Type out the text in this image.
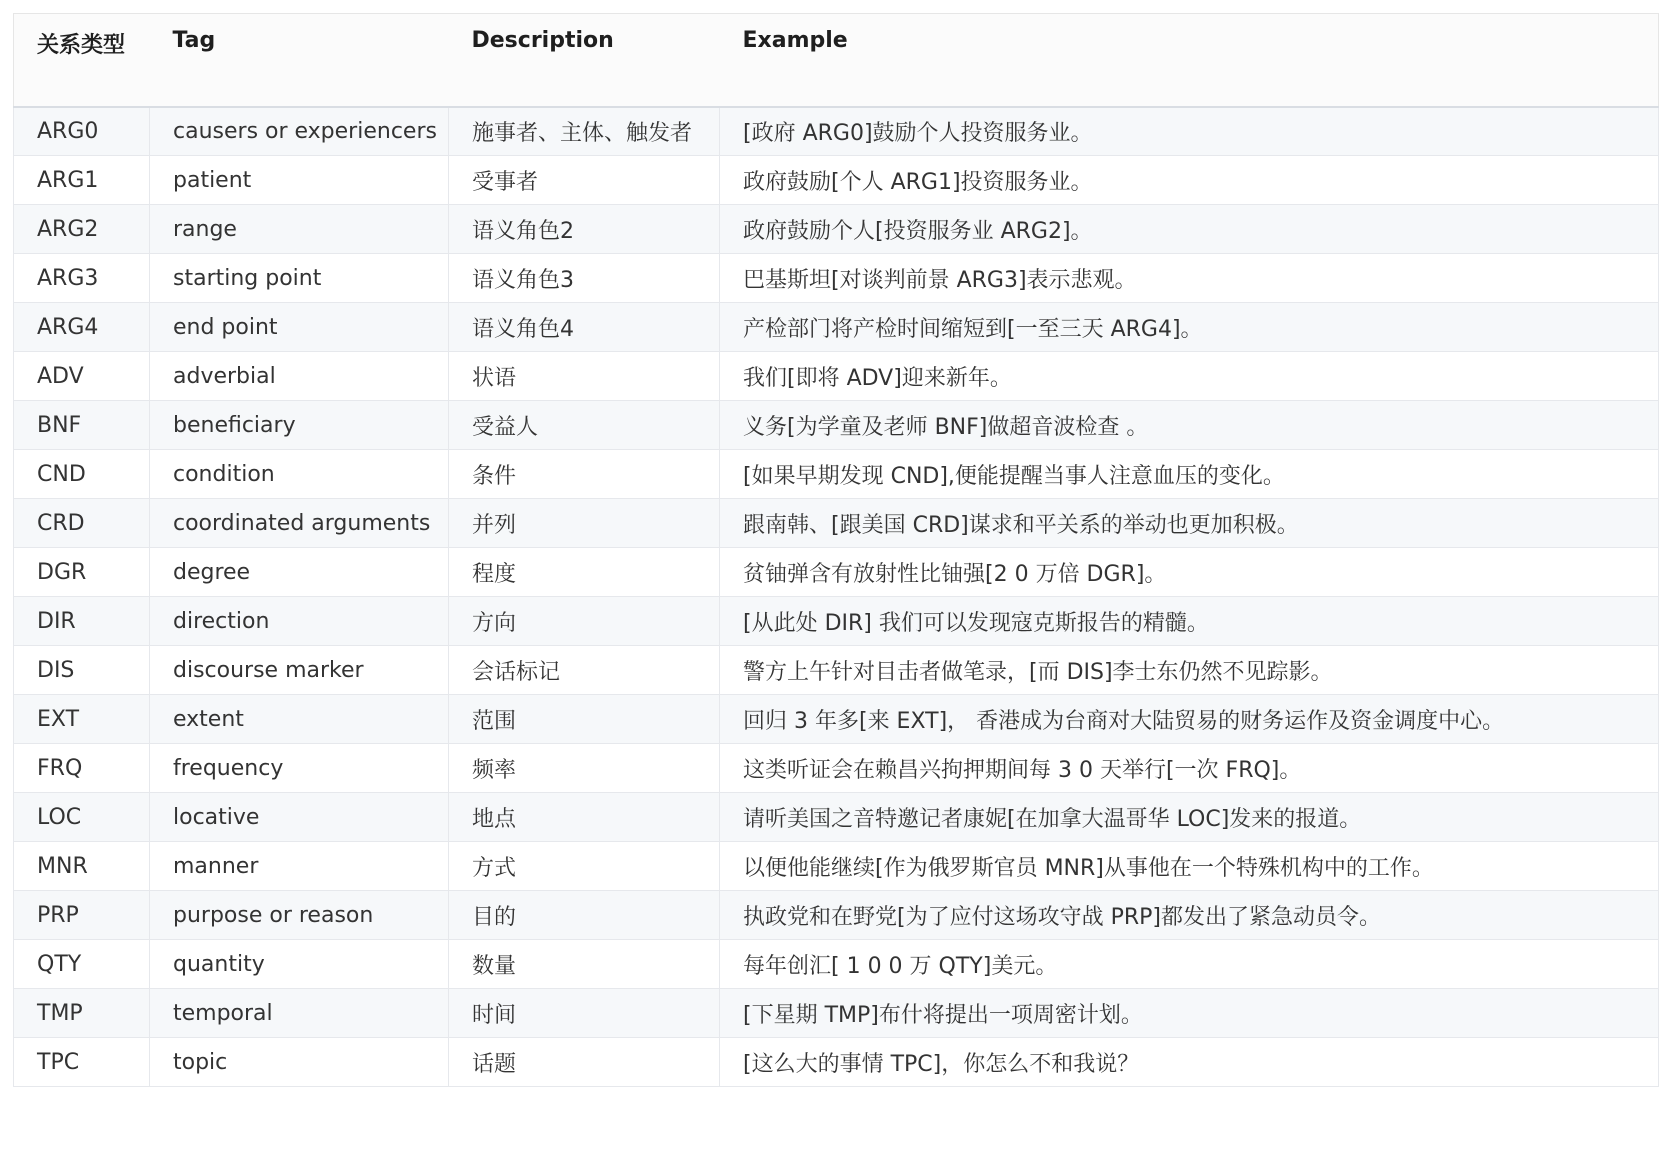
关系类型	Tag	Description	Example
ARG0	causers or experiencers	施事者、主体、触发者	[政府 ARG0]鼓励个人投资服务业。
ARG1	patient	受事者	政府鼓励[个人 ARG1]投资服务业。
ARG2	range	语义角色2	政府鼓励个人[投资服务业 ARG2]。
ARG3	starting point	语义角色3	巴基斯坦[对谈判前景 ARG3]表示悲观。
ARG4	end point	语义角色4	产检部门将产检时间缩短到[一至三天 ARG4]。
ADV	adverbial	状语	我们[即将 ADV]迎来新年。
BNF	beneficiary	受益人	义务[为学童及老师 BNF]做超音波检查 。
CND	condition	条件	[如果早期发现 CND],便能提醒当事人注意血压的变化。
CRD	coordinated arguments	并列	跟南韩、[跟美国 CRD]谋求和平关系的举动也更加积极。
DGR	degree	程度	贫铀弹含有放射性比铀强[2 0 万倍 DGR]。
DIR	direction	方向	[从此处 DIR] 我们可以发现寇克斯报告的精髓。
DIS	discourse marker	会话标记	警方上午针对目击者做笔录，[而 DIS]李士东仍然不见踪影。
EXT	extent	范围	回归 3 年多[来 EXT]， 香港成为台商对大陆贸易的财务运作及资金调度中心。
FRQ	frequency	频率	这类听证会在赖昌兴拘押期间每 3 0 天举行[一次 FRQ]。
LOC	locative	地点	请听美国之音特邀记者康妮[在加拿大温哥华 LOC]发来的报道。
MNR	manner	方式	以便他能继续[作为俄罗斯官员 MNR]从事他在一个特殊机构中的工作。
PRP	purpose or reason	目的	执政党和在野党[为了应付这场攻守战 PRP]都发出了紧急动员令。
QTY	quantity	数量	每年创汇[ 1 0 0 万 QTY]美元。
TMP	temporal	时间	[下星期 TMP]布什将提出一项周密计划。
TPC	topic	话题	[这么大的事情 TPC]，你怎么不和我说？
